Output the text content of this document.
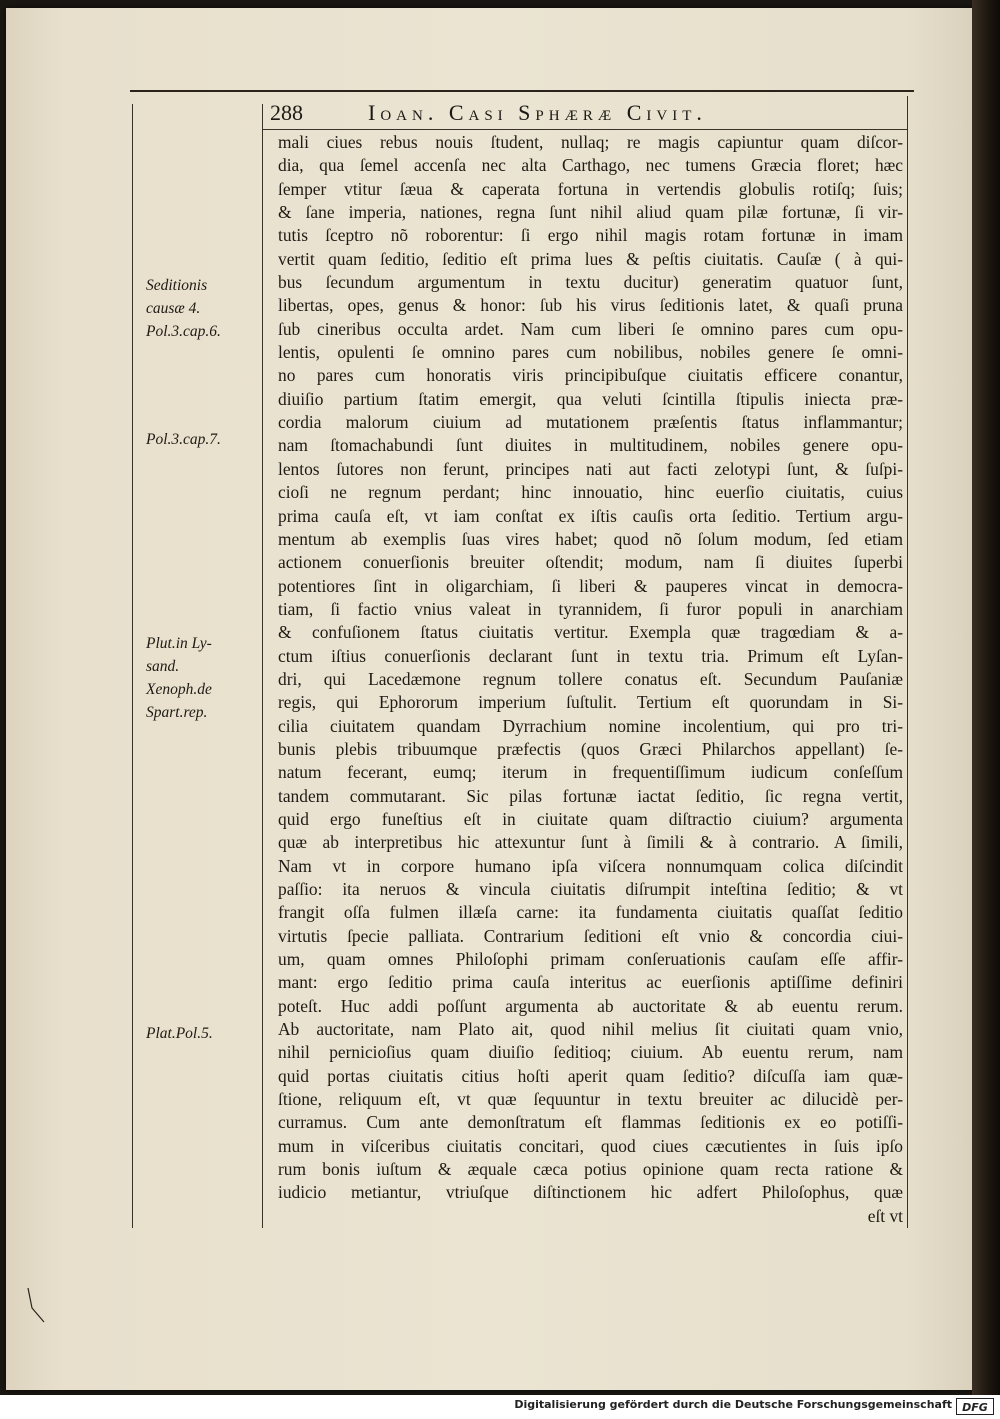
288	Ioan. Casi Sphæræ Civit.
Seditionis
causæ 4.
Pol.3.cap.6.
Pol.3.cap.7.
Plut.in Ly-
sand.
Xenoph.de
Spart.rep.
Plat.Pol.5.
mali ciues rebus nouis ſtudent, nullaq; re magis capiuntur quam diſcor-
dia, qua ſemel accenſa nec alta Carthago, nec tumens Græcia floret; hæc
ſemper vtitur ſæua & caperata fortuna in vertendis globulis rotiſq; ſuis;
& ſane imperia, nationes, regna ſunt nihil aliud quam pilæ fortunæ, ſi vir-
tutis ſceptro nõ roborentur: ſi ergo nihil magis rotam fortunæ in imam
vertit quam ſeditio, ſeditio eſt prima lues & peſtis ciuitatis. Cauſæ ( à qui-
bus ſecundum argumentum in textu ducitur) generatim quatuor ſunt,
libertas, opes, genus & honor: ſub his virus ſeditionis latet, & quaſi pruna
ſub cineribus occulta ardet. Nam cum liberi ſe omnino pares cum opu-
lentis, opulenti ſe omnino pares cum nobilibus, nobiles genere ſe omni-
no pares cum honoratis viris principibuſque ciuitatis efficere conantur,
diuiſio partium ſtatim emergit, qua veluti ſcintilla ſtipulis iniecta præ-
cordia malorum ciuium ad mutationem præſentis ſtatus inflammantur;
nam ſtomachabundi ſunt diuites in multitudinem, nobiles genere opu-
lentos ſutores non ferunt, principes nati aut facti zelotypi ſunt, & ſuſpi-
cioſi ne regnum perdant; hinc innouatio, hinc euerſio ciuitatis, cuius
prima cauſa eſt, vt iam conſtat ex iſtis cauſis orta ſeditio. Tertium argu-
mentum ab exemplis ſuas vires habet; quod nõ ſolum modum, ſed etiam
actionem conuerſionis breuiter oſtendit; modum, nam ſi diuites ſuperbi
potentiores ſint in oligarchiam, ſi liberi & pauperes vincat in democra-
tiam, ſi factio vnius valeat in tyrannidem, ſi furor populi in anarchiam
& confuſionem ſtatus ciuitatis vertitur. Exempla quæ tragœdiam & a-
ctum iſtius conuerſionis declarant ſunt in textu tria. Primum eſt Lyſan-
dri, qui Lacedæmone regnum tollere conatus eſt. Secundum Pauſaniæ
regis, qui Ephororum imperium ſuſtulit. Tertium eſt quorundam in Si-
cilia ciuitatem quandam Dyrrachium nomine incolentium, qui pro tri-
bunis plebis tribuumque præfectis (quos Græci Philarchos appellant) ſe-
natum fecerant, eumq; iterum in frequentiſſimum iudicum conſeſſum
tandem commutarant. Sic pilas fortunæ iactat ſeditio, ſic regna vertit,
quid ergo funeſtius eſt in ciuitate quam diſtractio ciuium? argumenta
quæ ab interpretibus hic attexuntur ſunt à ſimili & à contrario. A ſimili,
Nam vt in corpore humano ipſa viſcera nonnumquam colica diſcindit
paſſio: ita neruos & vincula ciuitatis diſrumpit inteſtina ſeditio; & vt
frangit oſſa fulmen illæſa carne: ita fundamenta ciuitatis quaſſat ſeditio
virtutis ſpecie palliata. Contrarium ſeditioni eſt vnio & concordia ciui-
um, quam omnes Philoſophi primam conſeruationis cauſam eſſe affir-
mant: ergo ſeditio prima cauſa interitus ac euerſionis aptiſſime definiri
poteſt. Huc addi poſſunt argumenta ab auctoritate & ab euentu rerum.
Ab auctoritate, nam Plato ait, quod nihil melius ſit ciuitati quam vnio,
nihil pernicioſius quam diuiſio ſeditioq; ciuium. Ab euentu rerum, nam
quid portas ciuitatis citius hoſti aperit quam ſeditio? diſcuſſa iam quæ-
ſtione, reliquum eſt, vt quæ ſequuntur in textu breuiter ac dilucidè per-
curramus. Cum ante demonſtratum eſt flammas ſeditionis ex eo potiſſi-
mum in viſceribus ciuitatis concitari, quod ciues cæcutientes in ſuis ipſo
rum bonis iuſtum & æquale cæca potius opinione quam recta ratione &
iudicio metiantur, vtriuſque diſtinctionem hic adfert Philoſophus, quæ
eſt vt
Digitalisierung gefördert durch die Deutsche Forschungsgemeinschaft DFG
